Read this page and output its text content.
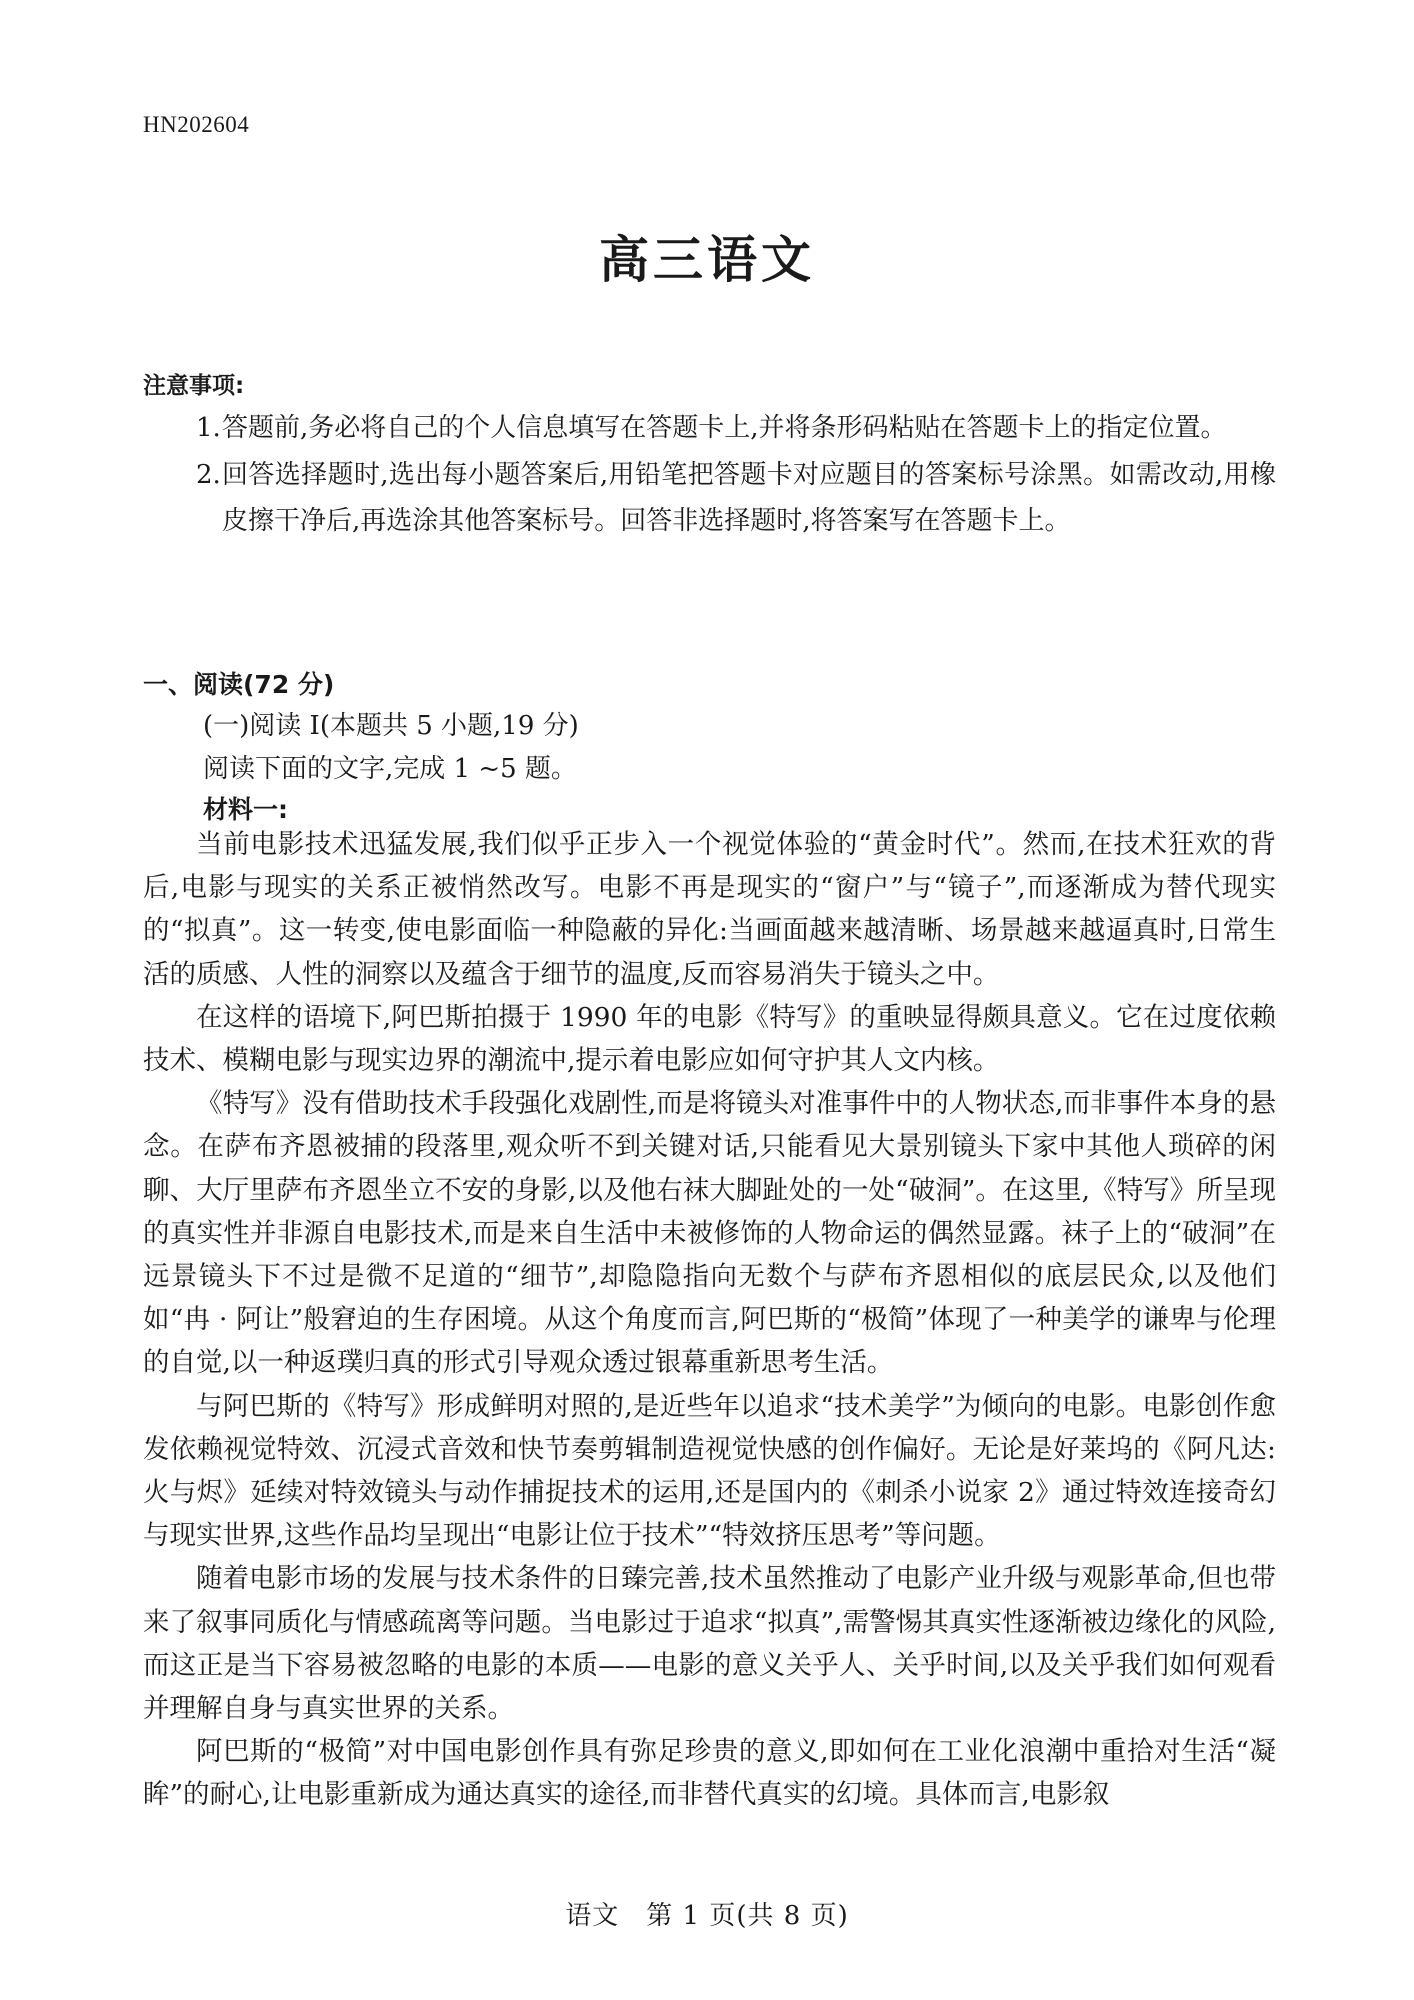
HN202604
高三语文
注意事项:
1. 答题前,务必将自己的个人信息填写在答题卡上,并将条形码粘贴在答题卡上的指定位置。
2. 回答选择题时,选出每小题答案后,用铅笔把答题卡对应题目的答案标号涂黑。如需改动,用橡皮擦干净后,再选涂其他答案标号。回答非选择题时,将答案写在答题卡上。
一、阅读(72 分)
(一)阅读 I(本题共 5 小题,19 分)
阅读下面的文字,完成 1 ~5 题。
材料一:

当前电影技术迅猛发展,我们似乎正步入一个视觉体验的“黄金时代”。然而,在技术狂欢的背后,电影与现实的关系正被悄然改写。电影不再是现实的“窗户”与“镜子”,而逐渐成为替代现实的“拟真”。这一转变,使电影面临一种隐蔽的异化:当画面越来越清晰、场景越来越逼真时,日常生活的质感、人性的洞察以及蕴含于细节的温度,反而容易消失于镜头之中。

在这样的语境下,阿巴斯拍摄于 1990 年的电影《特写》的重映显得颇具意义。它在过度依赖技术、模糊电影与现实边界的潮流中,提示着电影应如何守护其人文内核。

《特写》没有借助技术手段强化戏剧性,而是将镜头对准事件中的人物状态,而非事件本身的悬念。在萨布齐恩被捕的段落里,观众听不到关键对话,只能看见大景别镜头下家中其他人琐碎的闲聊、大厅里萨布齐恩坐立不安的身影,以及他右袜大脚趾处的一处“破洞”。在这里,《特写》所呈现的真实性并非源自电影技术,而是来自生活中未被修饰的人物命运的偶然显露。袜子上的“破洞”在远景镜头下不过是微不足道的“细节”,却隐隐指向无数个与萨布齐恩相似的底层民众,以及他们如“冉 · 阿让”般窘迫的生存困境。从这个角度而言,阿巴斯的“极简”体现了一种美学的谦卑与伦理的自觉,以一种返璞归真的形式引导观众透过银幕重新思考生活。

与阿巴斯的《特写》形成鲜明对照的,是近些年以追求“技术美学”为倾向的电影。电影创作愈发依赖视觉特效、沉浸式音效和快节奏剪辑制造视觉快感的创作偏好。无论是好莱坞的《阿凡达:火与烬》延续对特效镜头与动作捕捉技术的运用,还是国内的《刺杀小说家 2》通过特效连接奇幻与现实世界,这些作品均呈现出“电影让位于技术”“特效挤压思考”等问题。

随着电影市场的发展与技术条件的日臻完善,技术虽然推动了电影产业升级与观影革命,但也带来了叙事同质化与情感疏离等问题。当电影过于追求“拟真”,需警惕其真实性逐渐被边缘化的风险,而这正是当下容易被忽略的电影的本质——电影的意义关乎人、关乎时间,以及关乎我们如何观看并理解自身与真实世界的关系。

阿巴斯的“极简”对中国电影创作具有弥足珍贵的意义,即如何在工业化浪潮中重拾对生活“凝眸”的耐心,让电影重新成为通达真实的途径,而非替代真实的幻境。具体而言,电影叙

语文　第 1 页(共 8 页)
